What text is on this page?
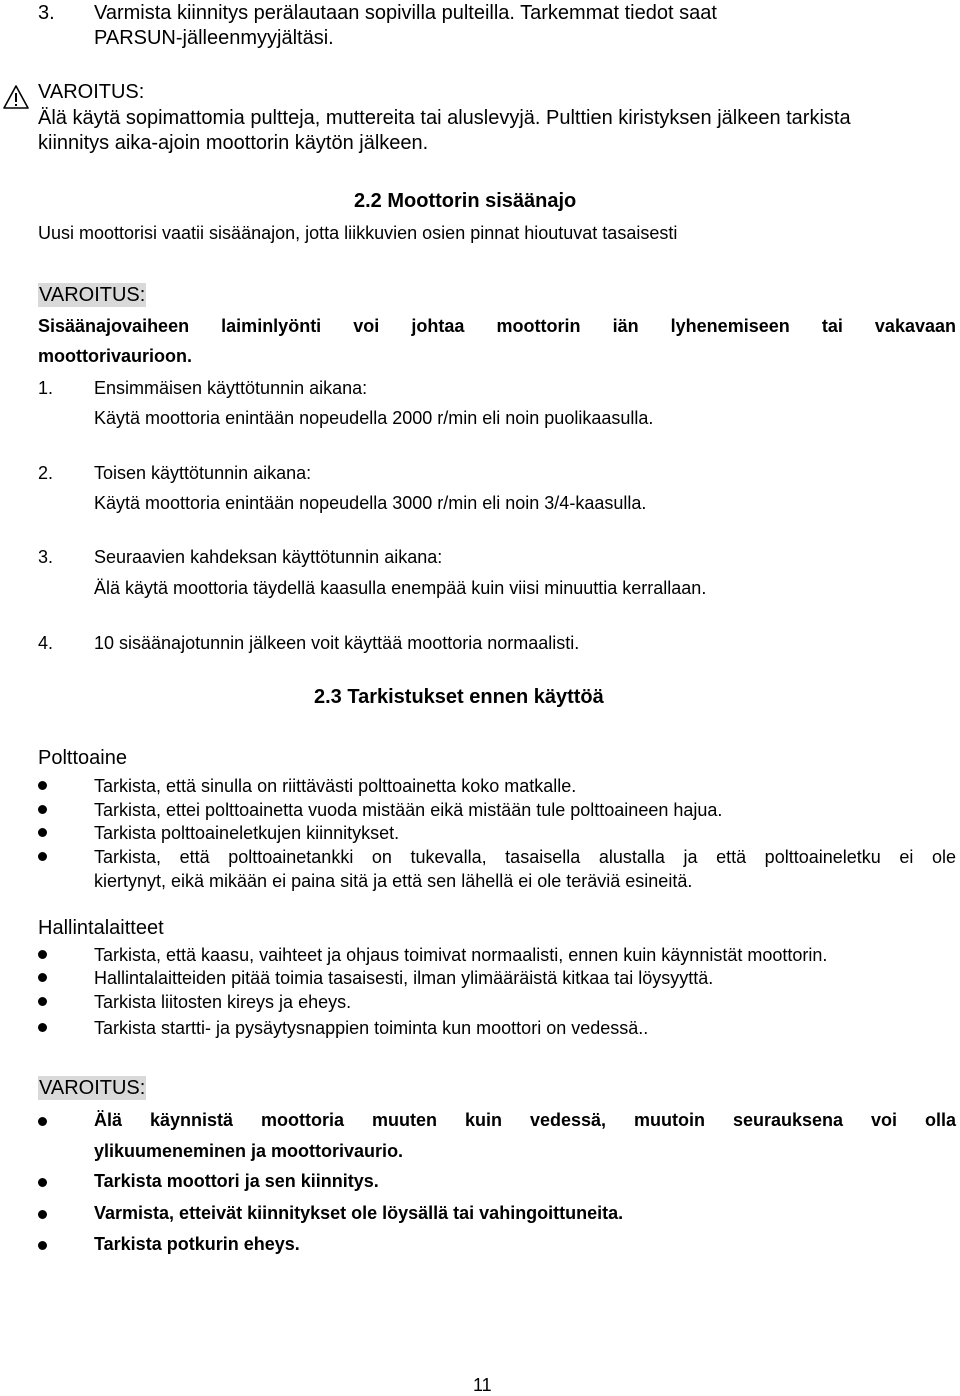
3. Varmista kiinnitys perälautaan sopivilla pulteilla. Tarkemmat tiedot saat
PARSUN-jälleenmyyjältäsi.
VAROITUS:
Älä käytä sopimattomia pultteja, muttereita tai aluslevyjä. Pulttien kiristyksen jälkeen tarkista
kiinnitys aika-ajoin moottorin käytön jälkeen.
2.2 Moottorin sisäänajo
Uusi moottorisi vaatii sisäänajon, jotta liikkuvien osien pinnat hioutuvat tasaisesti
VAROITUS:
Sisäänajovaiheen laiminlyönti voi johtaa moottorin iän lyhenemiseen tai vakavaan
moottorivaurioon.
1. Ensimmäisen käyttötunnin aikana:
Käytä moottoria enintään nopeudella 2000 r/min eli noin puolikaasulla.
2. Toisen käyttötunnin aikana:
Käytä moottoria enintään nopeudella 3000 r/min eli noin 3/4-kaasulla.
3. Seuraavien kahdeksan käyttötunnin aikana:
Älä käytä moottoria täydellä kaasulla enempää kuin viisi minuuttia kerrallaan.
4. 10 sisäänajotunnin jälkeen voit käyttää moottoria normaalisti.
2.3 Tarkistukset ennen käyttöä
Polttoaine
Tarkista, että sinulla on riittävästi polttoainetta koko matkalle.
Tarkista, ettei polttoainetta vuoda mistään eikä mistään tule polttoaineen hajua.
Tarkista polttoaineletkujen kiinnitykset.
Tarkista, että polttoainetankki on tukevalla, tasaisella alustalla ja että polttoaineletku ei ole
kiertynyt, eikä mikään ei paina sitä ja että sen lähellä ei ole teräviä esineitä.
Hallintalaitteet
Tarkista, että kaasu, vaihteet ja ohjaus toimivat normaalisti, ennen kuin käynnistät moottorin.
Hallintalaitteiden pitää toimia tasaisesti, ilman ylimääräistä kitkaa tai löysyyttä.
Tarkista liitosten kireys ja eheys.
Tarkista startti- ja pysäytysnappien toiminta kun moottori on vedessä..
VAROITUS:
Älä käynnistä moottoria muuten kuin vedessä, muutoin seurauksena voi olla
ylikuumeneminen ja moottorivaurio.
Tarkista moottori ja sen kiinnitys.
Varmista, etteivät kiinnitykset ole löysällä tai vahingoittuneita.
Tarkista potkurin eheys.
11
